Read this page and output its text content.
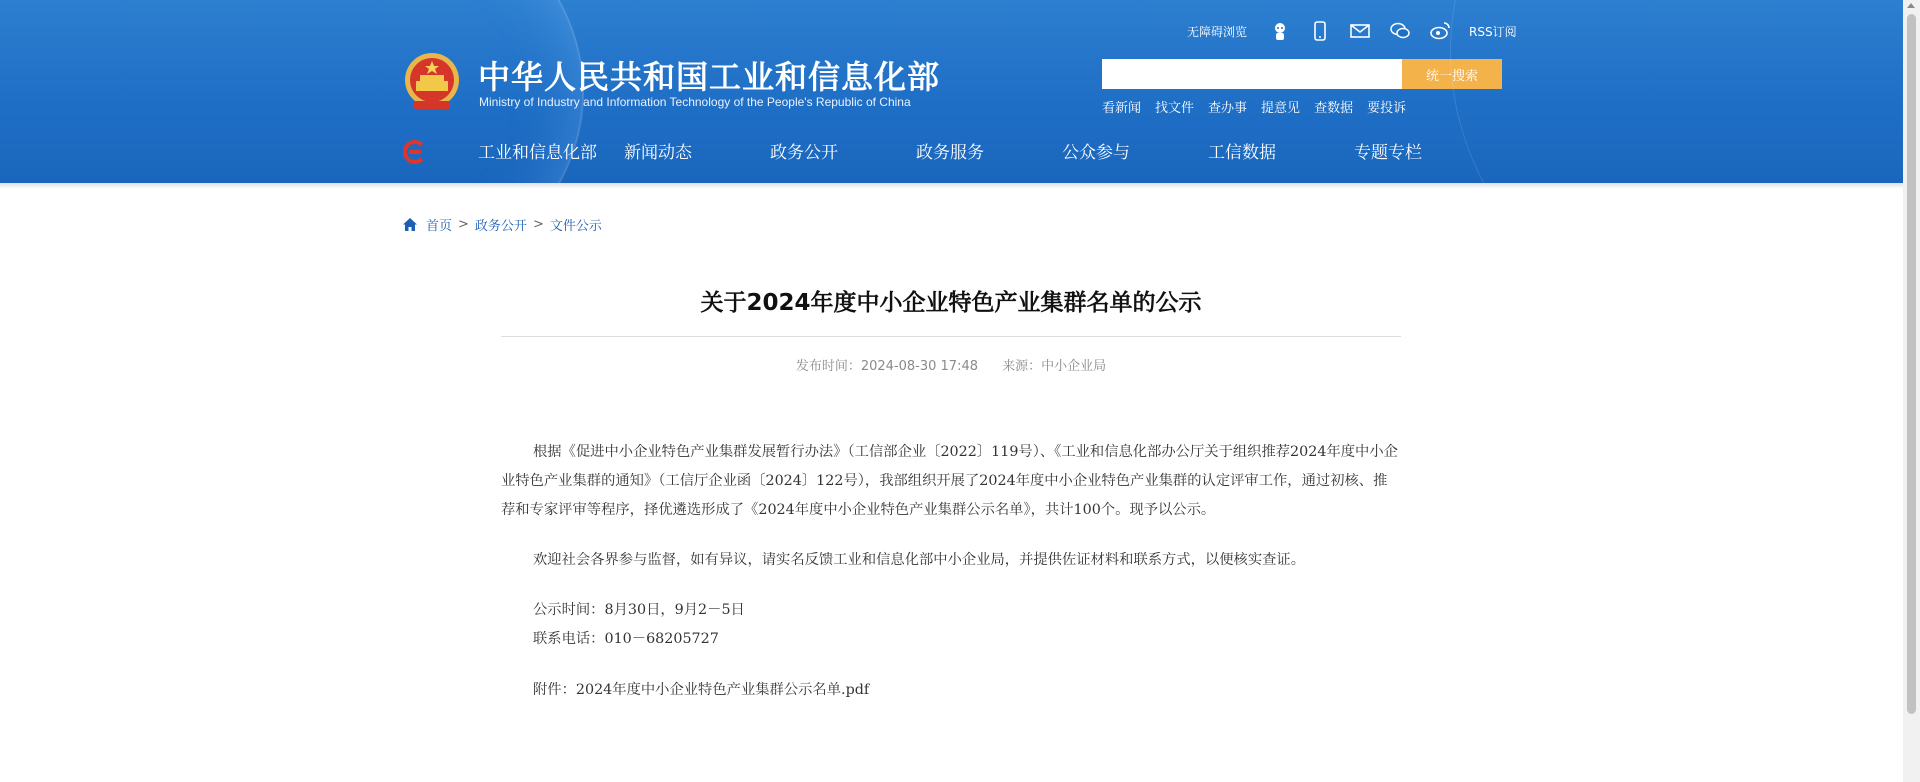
中华人民共和国工业和信息化部
Ministry of Industry and Information Technology of the People's Republic of China
无障碍浏览	RSS订阅
统一搜索
看新闻 找文件 查办事 提意见 查数据 要投诉
工业和信息化部	新闻动态	政务公开	政务服务	公众参与	工信数据	专题专栏
首页 > 政务公开 > 文件公示
关于2024年度中小企业特色产业集群名单的公示
发布时间：2024-08-30 17:48 来源：中小企业局

根据《促进中小企业特色产业集群发展暂行办法》（工信部企业〔2022〕119号）、《工业和信息化部办公厅关于组织推荐2024年度中小企业特色产业集群的通知》（工信厅企业函〔2024〕122号），我部组织开展了2024年度中小企业特色产业集群的认定评审工作，通过初核、推荐和专家评审等程序，择优遴选形成了《2024年度中小企业特色产业集群公示名单》，共计100个。现予以公示。

欢迎社会各界参与监督，如有异议，请实名反馈工业和信息化部中小企业局，并提供佐证材料和联系方式，以便核实查证。

公示时间：8月30日，9月2－5日

联系电话：010－68205727

附件：2024年度中小企业特色产业集群公示名单.pdf
